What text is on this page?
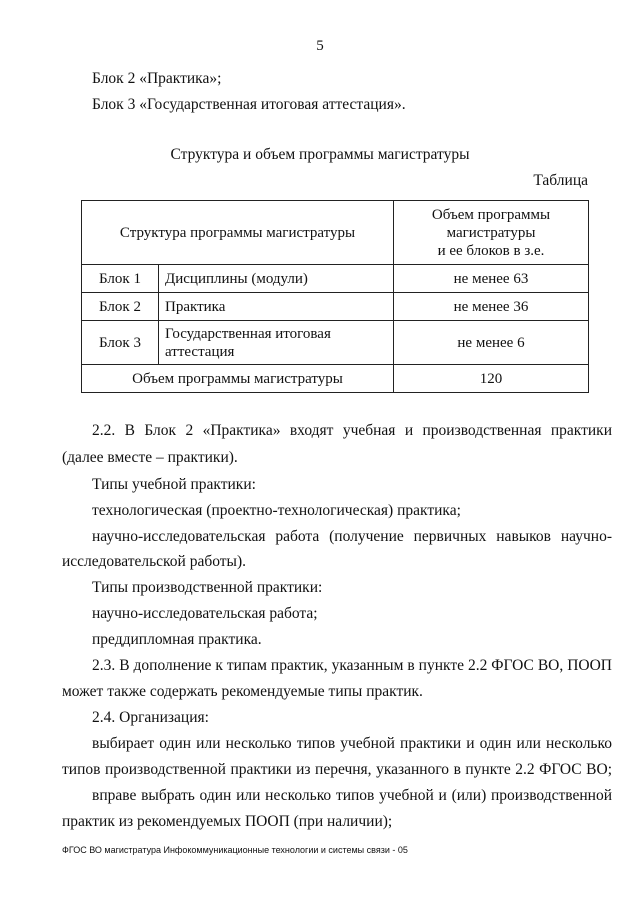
5
Блок 2 «Практика»;
Блок 3 «Государственная итоговая аттестация».
Структура и объем программы магистратуры
Таблица
Структура программы магистратуры		Объем программы
магистратуры
и ее блоков в з.е.

Блок 1	Дисциплины (модули)	не менее 63
Блок 2	Практика	не менее 36
Блок 3	Государственная итоговая аттестация	не менее 6
Объем программы магистратуры		120
2.2. В Блок 2 «Практика» входят учебная и производственная практики
(далее вместе – практики).
Типы учебной практики:
технологическая (проектно-технологическая) практика;
научно-исследовательская работа (получение первичных навыков научно-
исследовательской работы).
Типы производственной практики:
научно-исследовательская работа;
преддипломная практика.
2.3. В дополнение к типам практик, указанным в пункте 2.2 ФГОС ВО, ПООП
может также содержать рекомендуемые типы практик.
2.4. Организация:
выбирает один или несколько типов учебной практики и один или несколько
типов производственной практики из перечня, указанного в пункте 2.2 ФГОС ВО;
вправе выбрать один или несколько типов учебной и (или) производственной
практик из рекомендуемых ПООП (при наличии);
ФГОС ВО магистратура Инфокоммуникационные технологии и системы связи - 05
